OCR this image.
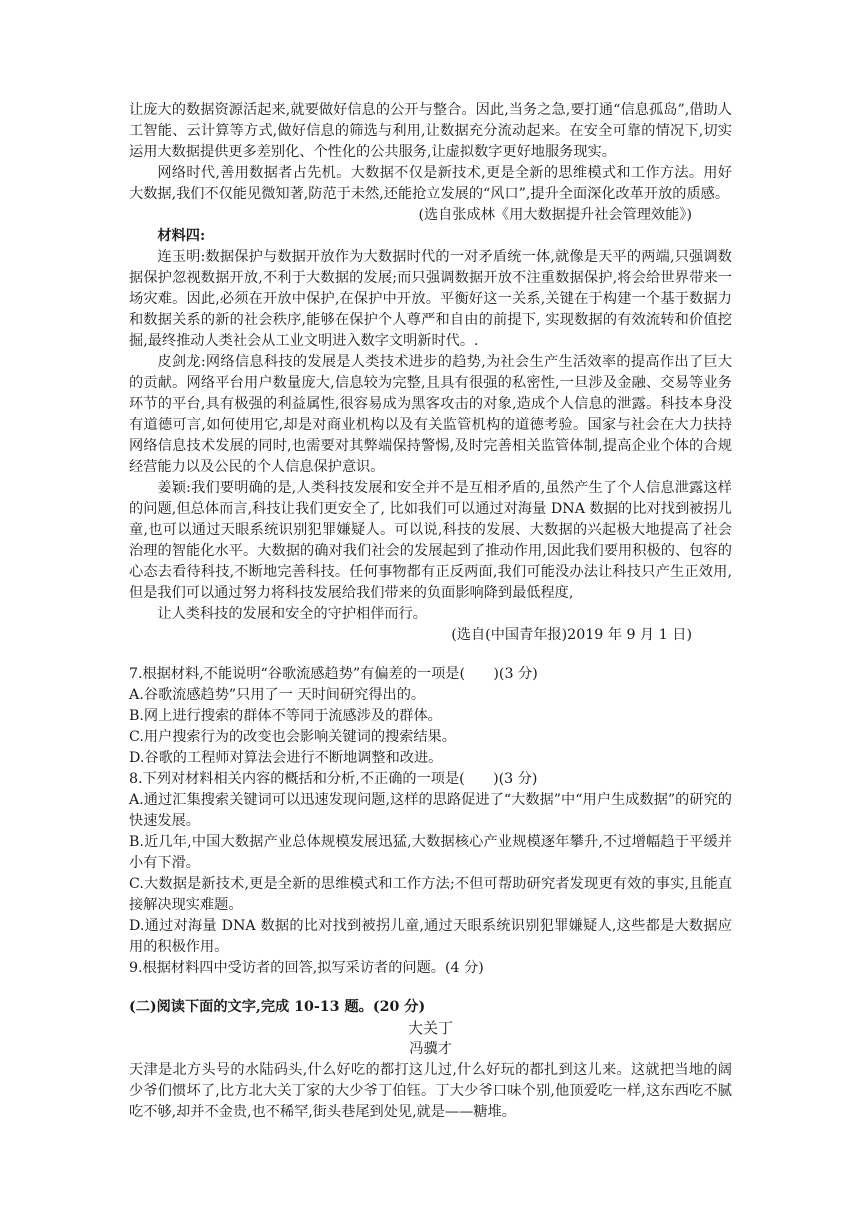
让庞大的数据资源活起来,就要做好信息的公开与整合。因此,当务之急,要打通“信息孤岛”,借助人工智能、云计算等方式,做好信息的筛选与利用,让数据充分流动起来。在安全可靠的情况下,切实运用大数据提供更多差别化、个性化的公共服务,让虚拟数字更好地服务现实。

网络时代,善用数据者占先机。大数据不仅是新技术,更是全新的思维模式和工作方法。用好大数据,我们不仅能见微知著,防范于未然,还能抢立发展的“风口”,提升全面深化改革开放的质感。

(选自张成林《用大数据提升社会管理效能》)

材料四:

连玉明:数据保护与数据开放作为大数据时代的一对矛盾统一体,就像是天平的两端,只强调数据保护忽视数据开放,不利于大数据的发展;而只强调数据开放不注重数据保护,将会给世界带来一场灾难。因此,必须在开放中保护,在保护中开放。平衡好这一关系,关键在于构建一个基于数据力和数据关系的新的社会秩序,能够在保护个人尊严和自由的前提下, 实现数据的有效流转和价值挖掘,最终推动人类社会从工业文明进入数字文明新时代。.

皮剑龙:网络信息科技的发展是人类技术进步的趋势,为社会生产生活效率的提高作出了巨大的贡献。网络平台用户数量庞大,信息较为完整,且具有很强的私密性,一旦涉及金融、交易等业务环节的平台,具有极强的利益属性,很容易成为黑客攻击的对象,造成个人信息的泄露。科技本身没有道德可言,如何使用它,却是对商业机构以及有关监管机构的道德考验。国家与社会在大力扶持网络信息技术发展的同时,也需要对其弊端保持警惕,及时完善相关监管体制,提高企业个体的合规经营能力以及公民的个人信息保护意识。

姜颖:我们要明确的是,人类科技发展和安全并不是互相矛盾的,虽然产生了个人信息泄露这样的问题,但总体而言,科技让我们更安全了, 比如我们可以通过对海量 DNA 数据的比对找到被拐儿童,也可以通过天眼系统识别犯罪嫌疑人。可以说,科技的发展、大数据的兴起极大地提高了社会治理的智能化水平。大数据的确对我们社会的发展起到了推动作用,因此我们要用积极的、包容的心态去看待科技,不断地完善科技。任何事物都有正反两面,我们可能没办法让科技只产生正效用,但是我们可以通过努力将科技发展给我们带来的负面影响降到最低程度,

让人类科技的发展和安全的守护相伴而行。

(选自(中国青年报)2019 年 9 月 1 日)

7.根据材料,不能说明“谷歌流感趋势”有偏差的一项是(　　)(3 分)

A.谷歌流感趋势”只用了一 天时间研究得出的。

B.网上进行搜索的群体不等同于流感涉及的群体。

C.用户搜索行为的改变也会影响关键词的搜索结果。

D.谷歌的工程师对算法会进行不断地调整和改进。

8.下列对材料相关内容的概括和分析,不正确的一项是(　　)(3 分)

A.通过汇集搜索关键词可以迅速发现问题,这样的思路促进了“大数据”中“用户生成数据”的研究的快速发展。

B.近几年,中国大数据产业总体规模发展迅猛,大数据核心产业规模逐年攀升,不过增幅趋于平缓并小有下滑。

C.大数据是新技术,更是全新的思维模式和工作方法;不但可帮助研究者发现更有效的事实,且能直接解决现实难题。

D.通过对海量 DNA 数据的比对找到被拐儿童,通过天眼系统识别犯罪嫌疑人,这些都是大数据应用的积极作用。

9.根据材料四中受访者的回答,拟写采访者的问题。(4 分)

(二)阅读下面的文字,完成 10-13 题。(20 分)

大关丁

冯骥才

天津是北方头号的水陆码头,什么好吃的都打这儿过,什么好玩的都扎到这儿来。这就把当地的阔少爷们惯坏了,比方北大关丁家的大少爷丁伯钰。丁大少爷口味个别,他顶爱吃一样,这东西吃不腻吃不够,却并不金贵,也不稀罕,街头巷尾到处见,就是——糖堆。
